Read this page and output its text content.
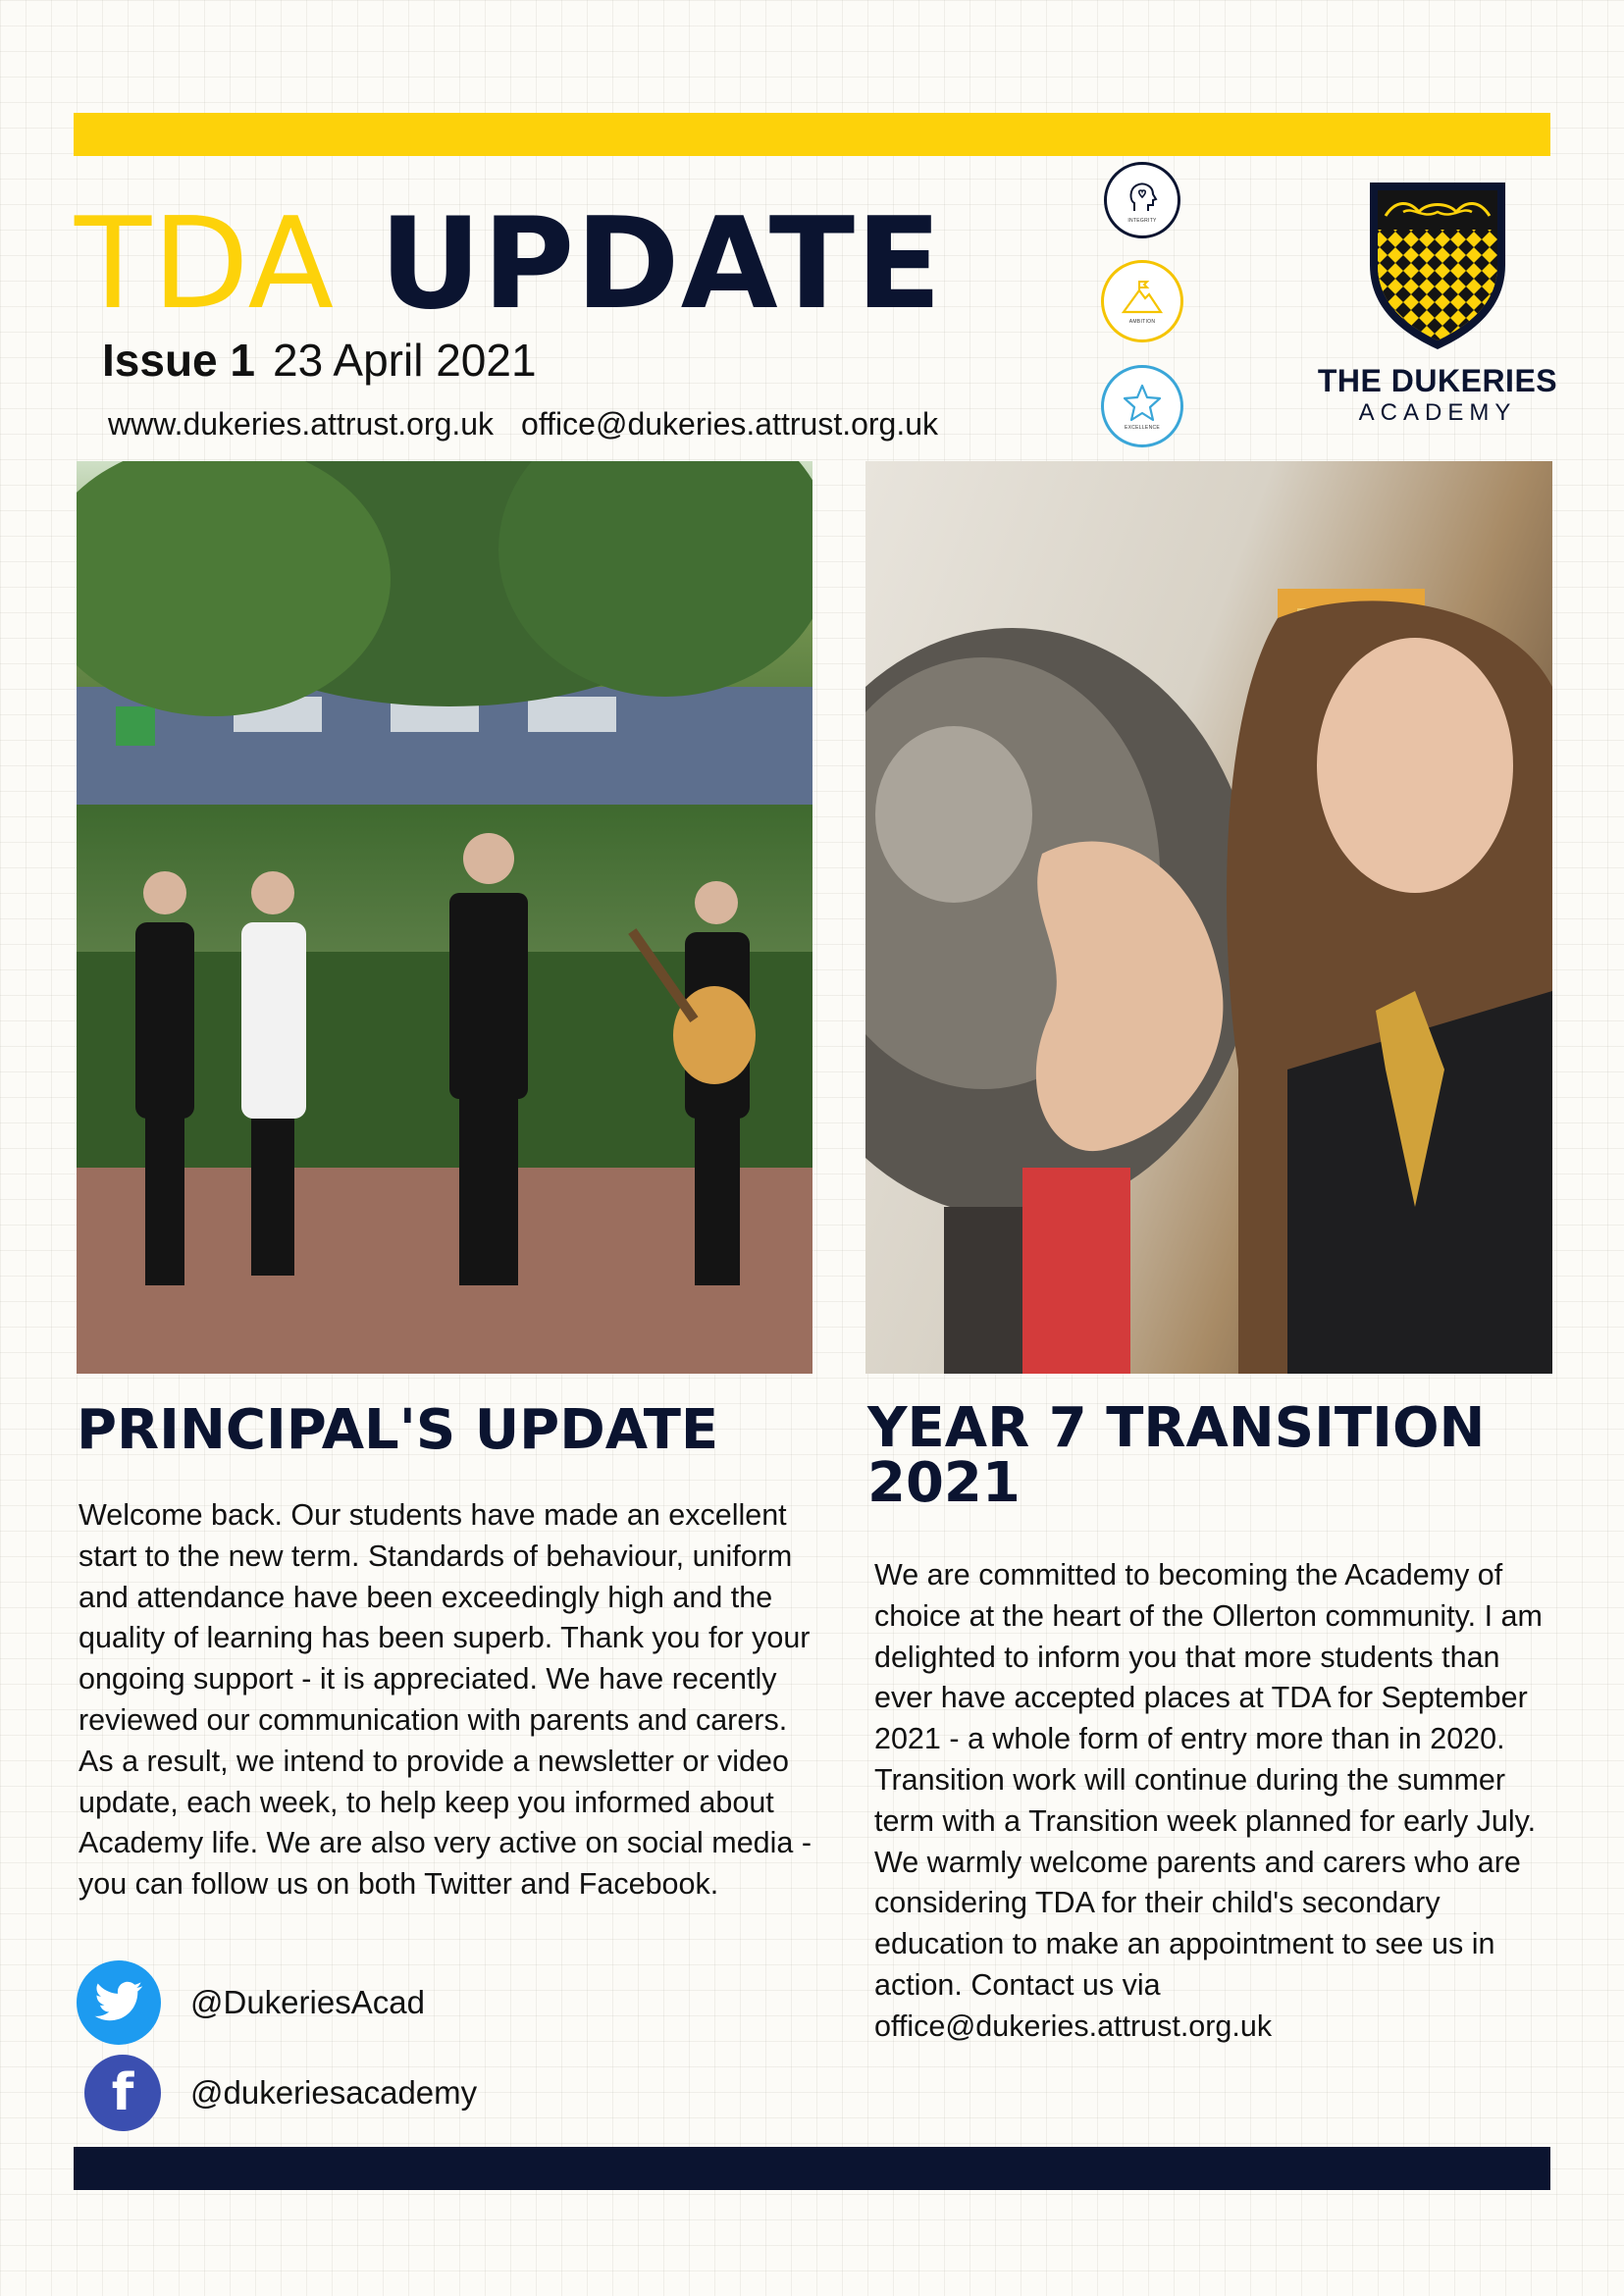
TDA UPDATE
Issue 1 23 April 2021
www.dukeries.attrust.org.uk office@dukeries.attrust.org.uk
INTEGRITY
AMBITION
EXCELLENCE
THE DUKERIES
ACADEMY
PRINCIPAL'S UPDATE	YEAR 7 TRANSITION 2021
Welcome back. Our students have made an excellent start to the new term. Standards of behaviour, uniform and attendance have been exceedingly high and the quality of learning has been superb. Thank you for your ongoing support - it is appreciated. We have recently reviewed our communication with parents and carers. As a result, we intend to provide a newsletter or video update, each week, to help keep you informed about Academy life. We are also very active on social media - you can follow us on both Twitter and Facebook.
We are committed to becoming the Academy of choice at the heart of the Ollerton community. I am delighted to inform you that more students than ever have accepted places at TDA for September 2021 - a whole form of entry more than in 2020. Transition work will continue during the summer term with a Transition week planned for early July. We warmly welcome parents and carers who are considering TDA for their child's secondary education to make an appointment to see us in action. Contact us via office@dukeries.attrust.org.uk
@DukeriesAcad
f	@dukeriesacademy
